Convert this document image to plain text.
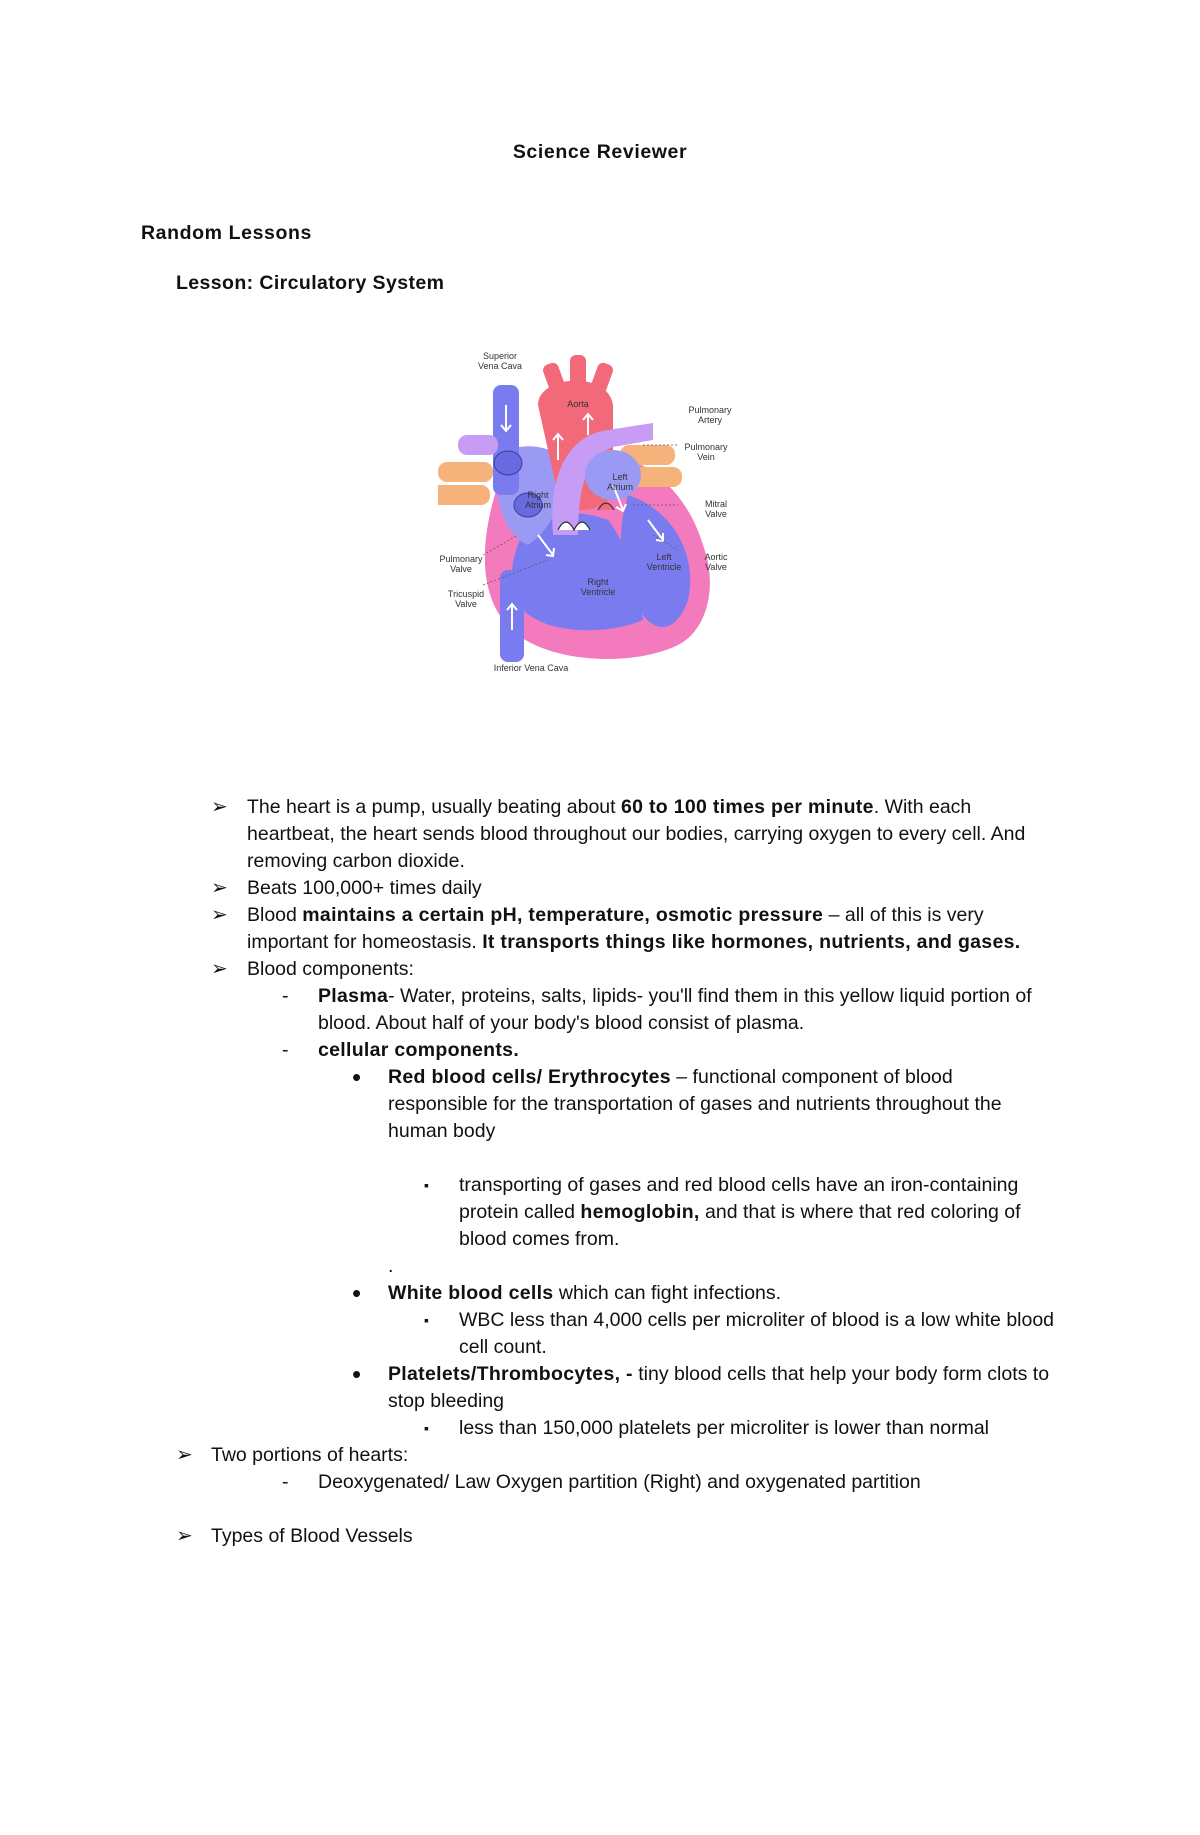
Science Reviewer
Random Lessons
Lesson: Circulatory System
Superior
Vena Cava
Aorta
Pulmonary
Artery
Pulmonary
Vein
Left
Atrium
Right
Atrium	Mitral
Valve
Pulmonary
Valve
Aortic
Valve
Left
Ventricle
Right
Ventricle
Tricuspid
Valve
Inferior Vena Cava
➢ The heart is a pump, usually beating about 60 to 100 times per minute. With each heartbeat, the heart sends blood throughout our bodies, carrying oxygen to every cell. And removing carbon dioxide.
➢ Beats 100,000+ times daily
➢ Blood maintains a certain pH, temperature, osmotic pressure – all of this is very important for homeostasis. It transports things like hormones, nutrients, and gases.
➢ Blood components:
- Plasma- Water, proteins, salts, lipids- you'll find them in this yellow liquid portion of blood. About half of your body's blood consist of plasma.
- cellular components.
• Red blood cells/ Erythrocytes – functional component of blood responsible for the transportation of gases and nutrients throughout the human body
▪ transporting of gases and red blood cells have an iron-containing protein called hemoglobin, and that is where that red coloring of blood comes from.
.
• White blood cells which can fight infections.
▪ WBC less than 4,000 cells per microliter of blood is a low white blood cell count.
• Platelets/Thrombocytes, - tiny blood cells that help your body form clots to stop bleeding
▪ less than 150,000 platelets per microliter is lower than normal
➢ Two portions of hearts:
- Deoxygenated/ Law Oxygen partition (Right) and oxygenated partition
➢ Types of Blood Vessels
